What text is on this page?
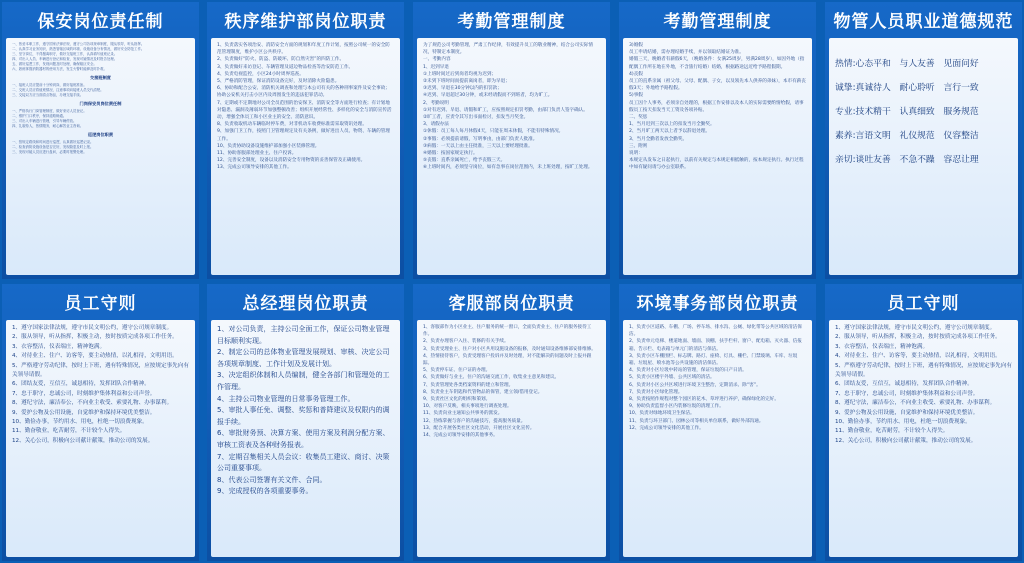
保安岗位责任制
一、热爱本职工作，遵守国家法律法规，遵守公司各项规章制度，服从领导，听从指挥。
二、认真学习业务知识，熟悉管辖区域的环境、设施设备分布情况，做好安全防范工作。
三、坚守岗位，不得擅离职守，做好交接班工作，认真填写值班记录。
四、对出入人员、车辆进行登记和检查，发现可疑情况及时报告处理。
五、做好巡逻工作，发现问题及时处理，确保辖区安全。
六、熟练掌握消防器材的使用方法，发生火警时能够及时扑救。
交接班制度
一、接班人员应提前十分钟到岗，做好接班准备。
二、交班人员应将值班情况、注意事项向接班人员交代清楚。
三、交接双方应当面清点物品，办理交接手续。
门岗保安员岗位责任制
一、严格执行门岗管理制度，做好来访人员登记。
二、维护门口秩序，保持道路畅通。
三、对出入车辆进行管理，引导车辆停放。
四、礼貌待人，热情服务，耐心解答业主咨询。
巡逻岗位职责
一、按规定路线和时间进行巡逻，认真做好巡逻记录。
二、检查消防设施设备是否完好，发现隐患及时上报。
三、发现可疑人员应进行盘问，必要时报警处理。
秩序维护部岗位职责
1、负责落实各项治安、消防安全方面的规划和年度工作计划，按照公司统一的安全防范管理制度，维护小区公共秩序。
2、负责做好“防火、防盗、防破坏、防自然灾害”的四防工作。
3、负责做好来访登记、车辆管理及道边物品检查等治安防范工作。
4、负责电视监控，小区24小时周界巡查。
5、严格消防管理，保证消防设备完好，及时消除火险隐患。
6、协助和配合公安、消防机关调查和处理与本公司有关的各种刑事案件及安全事故；协助公安机关打击小区内及周围发生的违法犯罪活动。
7、定期或不定期地对公司全员范围的治安保卫、消防安全等方面进行检查；有计划地对隐患、漏洞及薄弱环节加强整顿改善；组织开展经常性、多样化的安全与消防宣传活动，增强全体员工和小区业主的安全、消防意识。
8、负责收取机动车辆临时停车费，对非机动车收费标准需采取资讯处理。
9、加强门卫工作，按照门卫管理规定及有关条例，做好进出人员、物资、车辆的管理工作。
10、负责协助设备设施维护部加强小区装修管理。
11、协助客服部处理业主、住户投诉。
12、完善安全制度，设备以及消防安全专用物资的妥善保管及正确使用。
13、完成公司领导安排的其他工作。
考勤管理制度
为了规范公司考勤管理，严肃工作纪律，有效提升员工的敬业精神，结合公司实际情况，特制定本制度。
一、考勤内容
1、迟到早退
①上班时间过后到岗者均视为迟到；
②未到下班时间而提前离岗者，即为早退；
③迟到、早退在30分钟以内的扣罚款；
④迟到、早退超过30分钟，或未经请假而不到班者，均为旷工。
2、考勤说明
①对有迟到、早退、请假和旷工，应按照规定扣罚考勤，由部门负责人签字确认。
②旷工者，应责令其写出书面检讨，扣发当月奖金。
3、请假办法
①休假：员工每人每月休假4天，只能在周末休假，不能有特殊情况。
②事假：必须提前请假，写明事由，由部门负责人批准。
③病假：一天以上由主任批准，三天以上要经理批准。
④婚假：按国家规定执行。
⑤丧假：直系亲属死亡，给予丧假三天。
⑥上班时间内，必须坚守岗位，如有急事在岗位范围内，未上班处理，按旷工处理。
考勤管理制度
3)婚假
员工申请结婚，需办理结婚手续，并以领取结婚证为准。
婚假三天，晚婚者有薪假6天，（晚婚条件：女满25周岁，男满28周岁），如因外地（指配偶工作所在地在外地，不含旅行结婚）结婚，根据路途远近给予路程假期。
4)丧假
员工的直系亲属（祖父母、父母、配偶、子女，以及领先本人供养的弟妹），本市有薪丧假3天；外地给予路程假。
5)事假
员工因个人事务，必须亲自处理的，根据工作安排以及本人的实际需要酌情给假，请事假员工按天扣发当天工资及各项补贴。
二、奖惩
1、当月迟到三次以上的扣发当月全勤奖。
2、当月旷工两天以上者予以辞退处理。
3、当月全勤者发放全勤奖。
三、附则
说明：
本规定从发布之日起执行，以前有关规定与本规定相抵触的，按本规定执行。执行过程中如有疑问请与办公室联系。
物管人员职业道德规范
热情:心态平和　与人友善　见面问好
诚挚:真诚待人　耐心聆听　言行一致
专业:技术精干　认真细致　服务规范
素养:言语文明　礼仪规范　仪容整洁
亲切:谈吐友善　不急不躁　容忍让理
员工守则
1、遵守国家法律法规，遵守市民文明公约，遵守公司规章制度。
2、服从领导，听从指挥，积极主动，按时按质完成各项工作任务。
3、衣容整洁，仪表端庄，精神饱满。
4、对待业主、住户、访客等，要主动热情，以礼相待，文明用语。
5、严格遵守劳动纪律，按时上下班，遇有特殊情况，应按规定事先向有关领导请假。
6、团结友爱，互信互，诚恳相待，发挥团队合作精神。
7、忠于职守，忠诚公司，时刻维护集体利益和公司声誉。
8、遵纪守法，廉洁奉公，不向业主收受、索要礼物、办事谋利。
9、爱护公物及公用设施，自觉维护和保持环境优美整洁。
10、勤俭办事，节约用水、用电，杜绝一切浪费现象。
11、勤奋敬业，吃苦耐劳，不计较个人得失。
12、关心公司，积极向公司献计献策，推动公司的发展。
总经理岗位职责
1、对公司负责，主持公司全面工作，保证公司物业管理目标顺利实现。
2、制定公司的总体物业管理发展规划、审核、决定公司各项规章制度、工作计划及发展计划。
3、决定组织体制和人员编制，健全各部门和管理处的工作管理。
4、主持公司物业管理的日常事务管理工作。
5、审批人事任免、调整、奖惩和普降建议及权限内的调报手续。
6、审批财务预、决算方案、使用方案及利润分配方案、审核工资表及各种财务报表。
7、定期召集相关人员会议：收集员工建议、商讨、决策公司重要事项。
8、代表公司签署有关文件、合同。
9、完成授权的各项重要事务。
客服部岗位职责
1、客服部作为小区业主、住户服务的统一窗口，全面负责业主、住户的服务接待工作。
2、负责办理客户入住、装修的有关手续。
3、负责受理业主、住户对小区共用设施设备的报修，及时通知设备维修部安排维修。
4、热情接待客户，负责受理客户投诉并及时处理，对不能解决的问题及时上报并跟踪。
5、负责停车证、住户证的办理。
6、负责做好与业主、住户的沟通交流工作，收集业主意见和建议。
7、负责管理处各类档案资料的建立和管理。
8、负责业主车钥匙和代管物品的保管，建立领/借用登记。
9、负责社区文化的组织和策划。
10、对客户反映，相关事项进行调查处理。
11、负责向业主通知公共事务的派发。
12、热练掌握与客户的沟通技巧，提高服务质量。
13、配合开展各类社区文化活动，开展社区文化宣传。
14、完成公司领导安排的其他事务。
环境事务部岗位职责
1、负责小区道路、车棚、广场、停车场、排水沟、公厕、绿化带等公共区域的清洁保洁。
2、负责单元电梯、楼道地面、墙面、顶棚、扶手栏杆、窗户、配电箱、灭火器、信报箱、告示栏、电表箱与单元门的清洁与保洁。
3、负责小区车棚围栏、标志牌、路灯、座椅、灯具、栅栏、门禁玻璃、车库、垃圾箱、垃圾屋、喷水池等公共设施的清洁保洁。
4、负责对小区垃圾中转站的管理，保证垃圾的日产日清。
5、负责小区楼宇外墙、公共区域的清洁。
6、负责对小区公共区域进行环境卫生整治，定期消杀、除“害”。
7、负责对小区绿化管理。
8、负责按照作规程对整个园区的花木、草坪进行养护，确保绿化的完好。
9、协助负责监督小区内装修垃圾的清理工作。
10、负责对绿地环境卫生保洁。
11、负责与环卫部门、园林公司等相关单位联系，做好外部沟通。
12、完成公司领导安排的其他工作。
员工守则
1、遵守国家法律法规，遵守市民文明公约，遵守公司规章制度。
2、服从领导，听从指挥，积极主动，按时按质完成各项工作任务。
3、衣容整洁，仪表端庄，精神饱满。
4、对待业主、住户、访客等，要主动热情，以礼相待，文明用语。
5、严格遵守劳动纪律，按时上下班，遇有特殊情况，应按规定事先向有关领导请假。
6、团结友爱，互信互，诚恳相待，发挥团队合作精神。
7、忠于职守，忠诚公司，时刻维护集体利益和公司声誉。
8、遵纪守法，廉洁奉公，不向业主收受、索要礼物、办事谋利。
9、爱护公物及公用设施，自觉维护和保持环境优美整洁。
10、勤俭办事，节约用水、用电，杜绝一切浪费现象。
11、勤奋敬业，吃苦耐劳，不计较个人得失。
12、关心公司，积极向公司献计献策，推动公司的发展。
